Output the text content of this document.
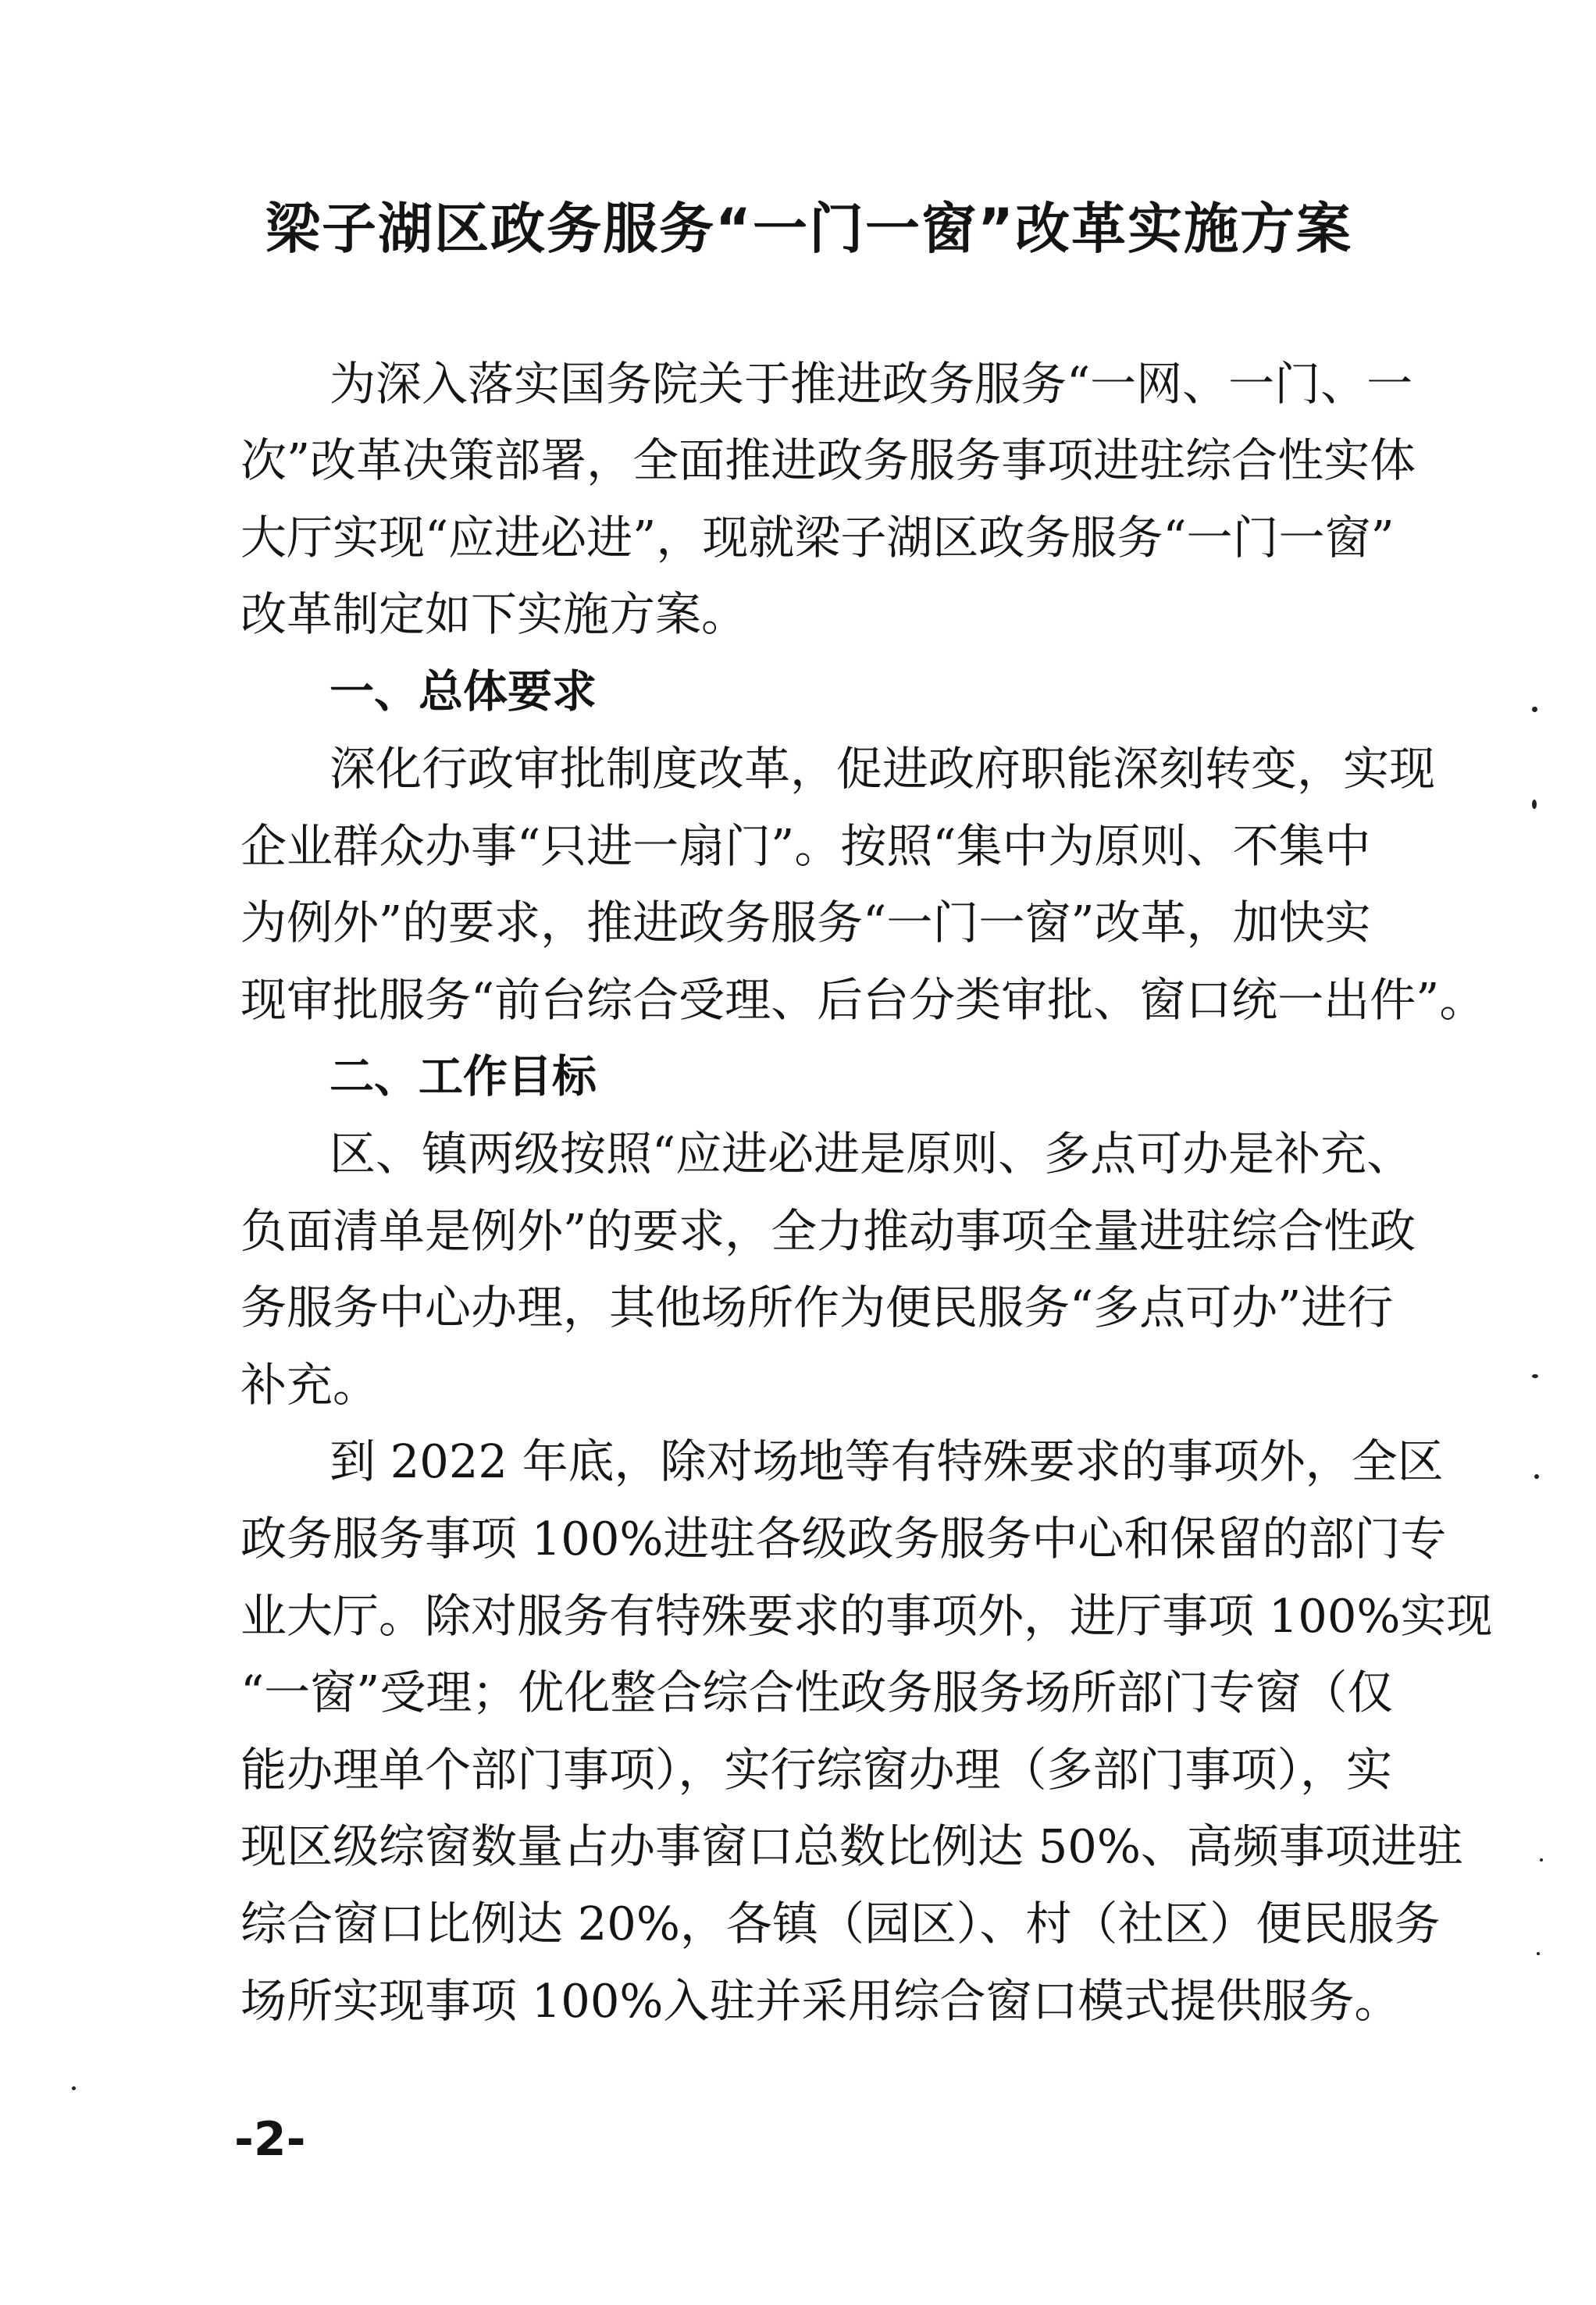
梁子湖区政务服务“一门一窗”改革实施方案
为深入落实国务院关于推进政务服务“一网、一门、一
次”改革决策部署，全面推进政务服务事项进驻综合性实体
大厅实现“应进必进”，现就梁子湖区政务服务“一门一窗”
改革制定如下实施方案。
一、总体要求
深化行政审批制度改革，促进政府职能深刻转变，实现
企业群众办事“只进一扇门”。按照“集中为原则、不集中
为例外”的要求，推进政务服务“一门一窗”改革，加快实
现审批服务“前台综合受理、后台分类审批、窗口统一出件”。
二、工作目标
区、镇两级按照“应进必进是原则、多点可办是补充、
负面清单是例外”的要求，全力推动事项全量进驻综合性政
务服务中心办理，其他场所作为便民服务“多点可办”进行
补充。
到 2022 年底，除对场地等有特殊要求的事项外，全区
政务服务事项 100%进驻各级政务服务中心和保留的部门专
业大厅。除对服务有特殊要求的事项外，进厅事项 100%实现
“一窗”受理；优化整合综合性政务服务场所部门专窗（仅
能办理单个部门事项），实行综窗办理（多部门事项），实
现区级综窗数量占办事窗口总数比例达 50%、高频事项进驻
综合窗口比例达 20%，各镇（园区）、村（社区）便民服务
场所实现事项 100%入驻并采用综合窗口模式提供服务。
-2-
